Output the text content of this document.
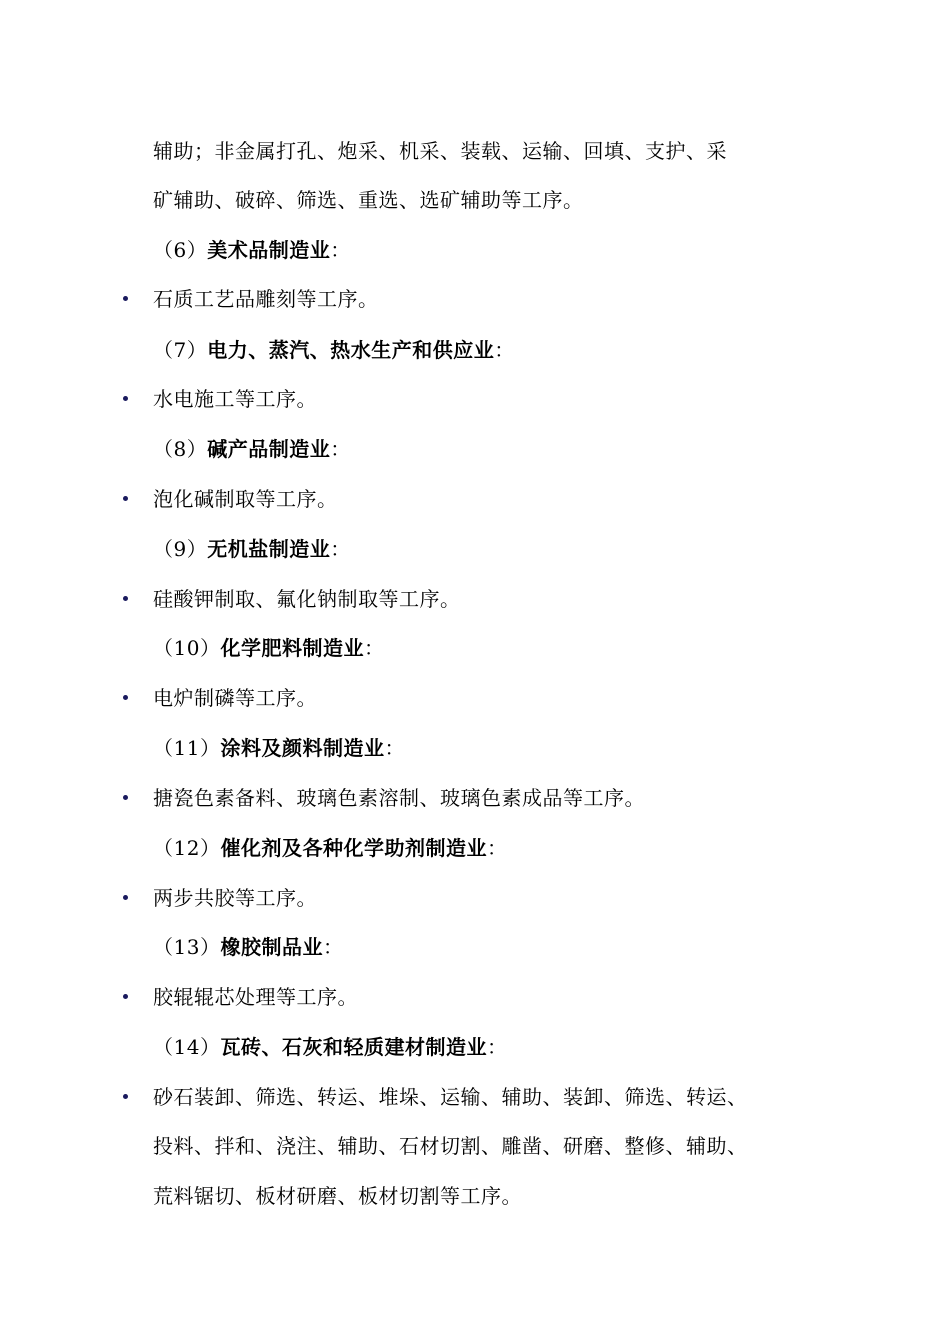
辅助；非金属打孔、炮采、机采、装载、运输、回填、支护、采
矿辅助、破碎、筛选、重选、选矿辅助等工序。
（6）美术品制造业：
石质工艺品雕刻等工序。
（7）电力、蒸汽、热水生产和供应业：
水电施工等工序。
（8）碱产品制造业：
泡化碱制取等工序。
（9）无机盐制造业：
硅酸钾制取、氟化钠制取等工序。
（10）化学肥料制造业：
电炉制磷等工序。
（11）涂料及颜料制造业：
搪瓷色素备料、玻璃色素溶制、玻璃色素成品等工序。
（12）催化剂及各种化学助剂制造业：
两步共胶等工序。
（13）橡胶制品业：
胶辊辊芯处理等工序。
（14）瓦砖、石灰和轻质建材制造业：
砂石装卸、筛选、转运、堆垛、运输、辅助、装卸、筛选、转运、
投料、拌和、浇注、辅助、石材切割、雕凿、研磨、整修、辅助、
荒料锯切、板材研磨、板材切割等工序。
